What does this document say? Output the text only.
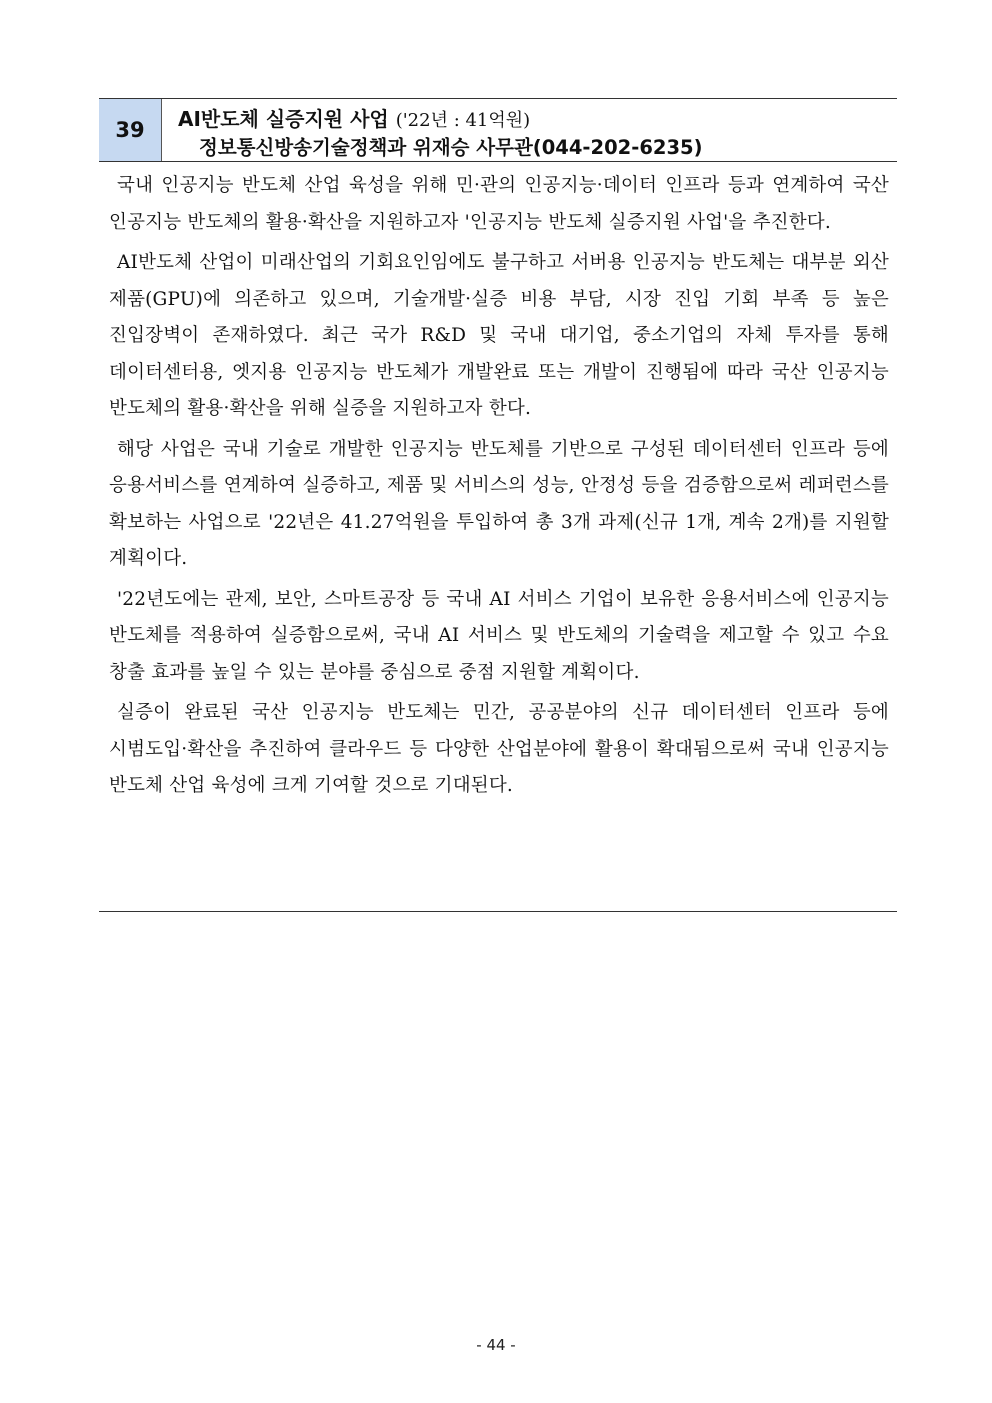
39 AI반도체 실증지원 사업 ('22년 : 41억원)
정보통신방송기술정책과 위재승 사무관(044-202-6235)

국내 인공지능 반도체 산업 육성을 위해 민·관의 인공지능·데이터 인프라 등과 연계하여 국산 인공지능 반도체의 활용·확산을 지원하고자 '인공지능 반도체 실증지원 사업'을 추진한다.

AI반도체 산업이 미래산업의 기회요인임에도 불구하고 서버용 인공지능 반도체는 대부분 외산 제품(GPU)에 의존하고 있으며, 기술개발·실증 비용 부담, 시장 진입 기회 부족 등 높은 진입장벽이 존재하였다. 최근 국가 R&D 및 국내 대기업, 중소기업의 자체 투자를 통해 데이터센터용, 엣지용 인공지능 반도체가 개발완료 또는 개발이 진행됨에 따라 국산 인공지능 반도체의 활용·확산을 위해 실증을 지원하고자 한다.

해당 사업은 국내 기술로 개발한 인공지능 반도체를 기반으로 구성된 데이터센터 인프라 등에 응용서비스를 연계하여 실증하고, 제품 및 서비스의 성능, 안정성 등을 검증함으로써 레퍼런스를 확보하는 사업으로 '22년은 41.27억원을 투입하여 총 3개 과제(신규 1개, 계속 2개)를 지원할 계획이다.

'22년도에는 관제, 보안, 스마트공장 등 국내 AI 서비스 기업이 보유한 응용서비스에 인공지능 반도체를 적용하여 실증함으로써, 국내 AI 서비스 및 반도체의 기술력을 제고할 수 있고 수요 창출 효과를 높일 수 있는 분야를 중심으로 중점 지원할 계획이다.

실증이 완료된 국산 인공지능 반도체는 민간, 공공분야의 신규 데이터센터 인프라 등에 시범도입·확산을 추진하여 클라우드 등 다양한 산업분야에 활용이 확대됨으로써 국내 인공지능 반도체 산업 육성에 크게 기여할 것으로 기대된다.

- 44 -
